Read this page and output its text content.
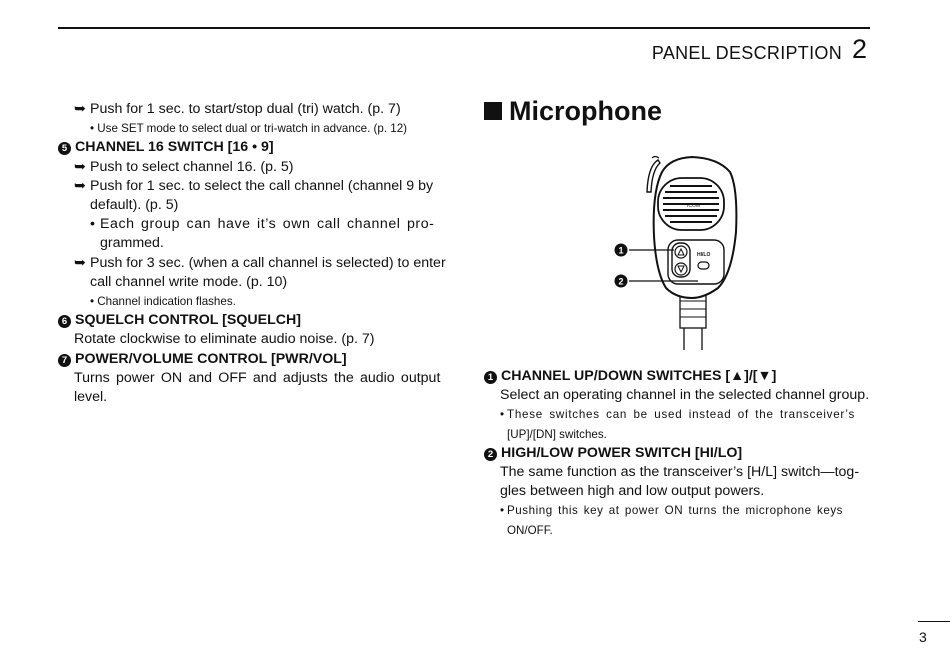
PANEL DESCRIPTION 2
➥ Push for 1 sec. to start/stop dual (tri) watch. (p. 7)
• Use SET mode to select dual or tri-watch in advance. (p. 12)
5 CHANNEL 16 SWITCH [16 • 9]
➥ Push to select channel 16. (p. 5)
➥ Push for 1 sec. to select the call channel (channel 9 by
default). (p. 5)
• Each group can have it’s own call channel pro-
grammed.
➥ Push for 3 sec. (when a call channel is selected) to enter
call channel write mode. (p. 10)
• Channel indication flashes.
6 SQUELCH CONTROL [SQUELCH]
Rotate clockwise to eliminate audio noise. (p. 7)
7 POWER/VOLUME CONTROL [PWR/VOL]
Turns power ON and OFF and adjusts the audio output
level.
Microphone
ICOM
HI/LO
1
2
1 CHANNEL UP/DOWN SWITCHES [▲]/[▼]
Select an operating channel in the selected channel group.
• These switches can be used instead of the transceiver’s
[UP]/[DN] switches.
2 HIGH/LOW POWER SWITCH [HI/LO]
The same function as the transceiver’s [H/L] switch—tog-
gles between high and low output powers.
• Pushing this key at power ON turns the microphone keys
ON/OFF.
3
